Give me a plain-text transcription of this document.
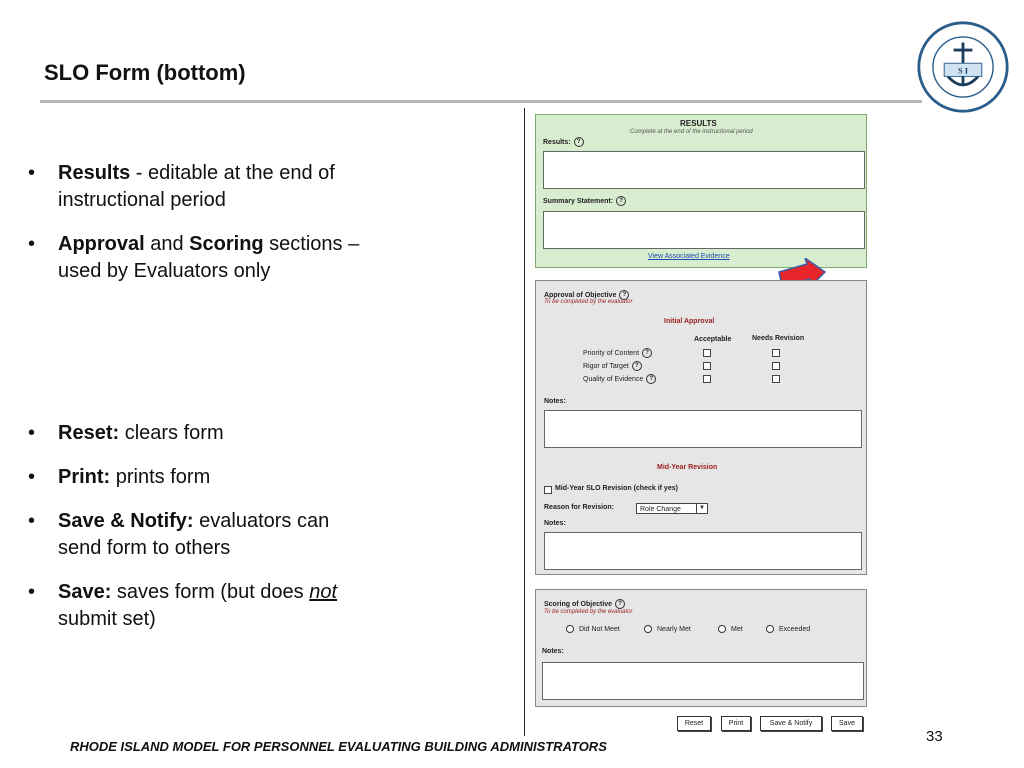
SLO Form (bottom)	S I
• Results - editable at the end of instructional period
• Approval and Scoring sections – used by Evaluators only
• Reset: clears form
• Print: prints form
• Save & Notify: evaluators can send form to others
• Save: saves form (but does not submit set)
RESULTS
Complete at the end of the instructional period
Results: ?
Summary Statement: ?
View Associated Evidence
Approval of Objective ?
To be completed by the evaluator
Initial Approval
Acceptable	Needs Revision
Priority of Content ?
Rigor of Target ?
Quality of Evidence ?
Notes:
Mid-Year Revision
Mid-Year SLO Revision (check if yes)
Reason for Revision:	Role Change	▼
Notes:
Scoring of Objective ?
To be completed by the evaluator
Did Not Meet	Nearly Met	Met	Exceeded
Notes:
Reset	Print	Save & Notify	Save
RHODE ISLAND MODEL FOR PERSONNEL EVALUATING BUILDING ADMINISTRATORS
33
